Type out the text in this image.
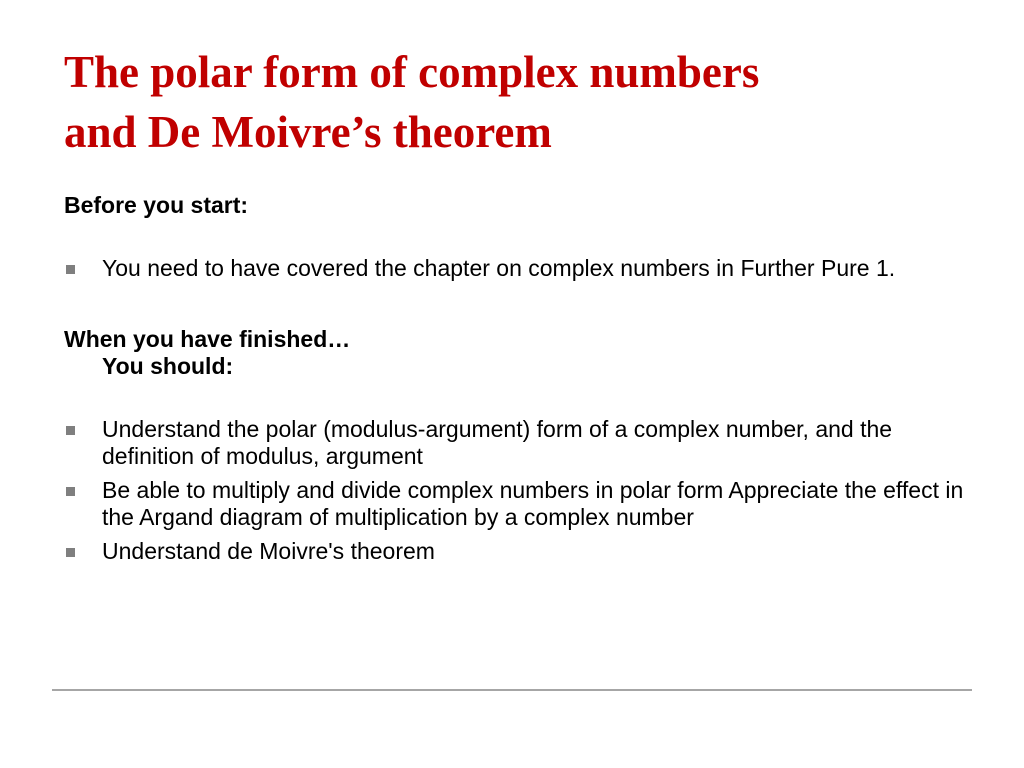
The polar form of complex numbers
and De Moivre’s theorem

Before you start:

You need to have covered the chapter on complex numbers in Further Pure 1.

When you have finished…
You should:

Understand the polar (modulus-argument) form of a complex number, and the definition of modulus, argument
Be able to multiply and divide complex numbers in polar form Appreciate the effect in the Argand diagram of multiplication by a complex number
Understand de Moivre's theorem
